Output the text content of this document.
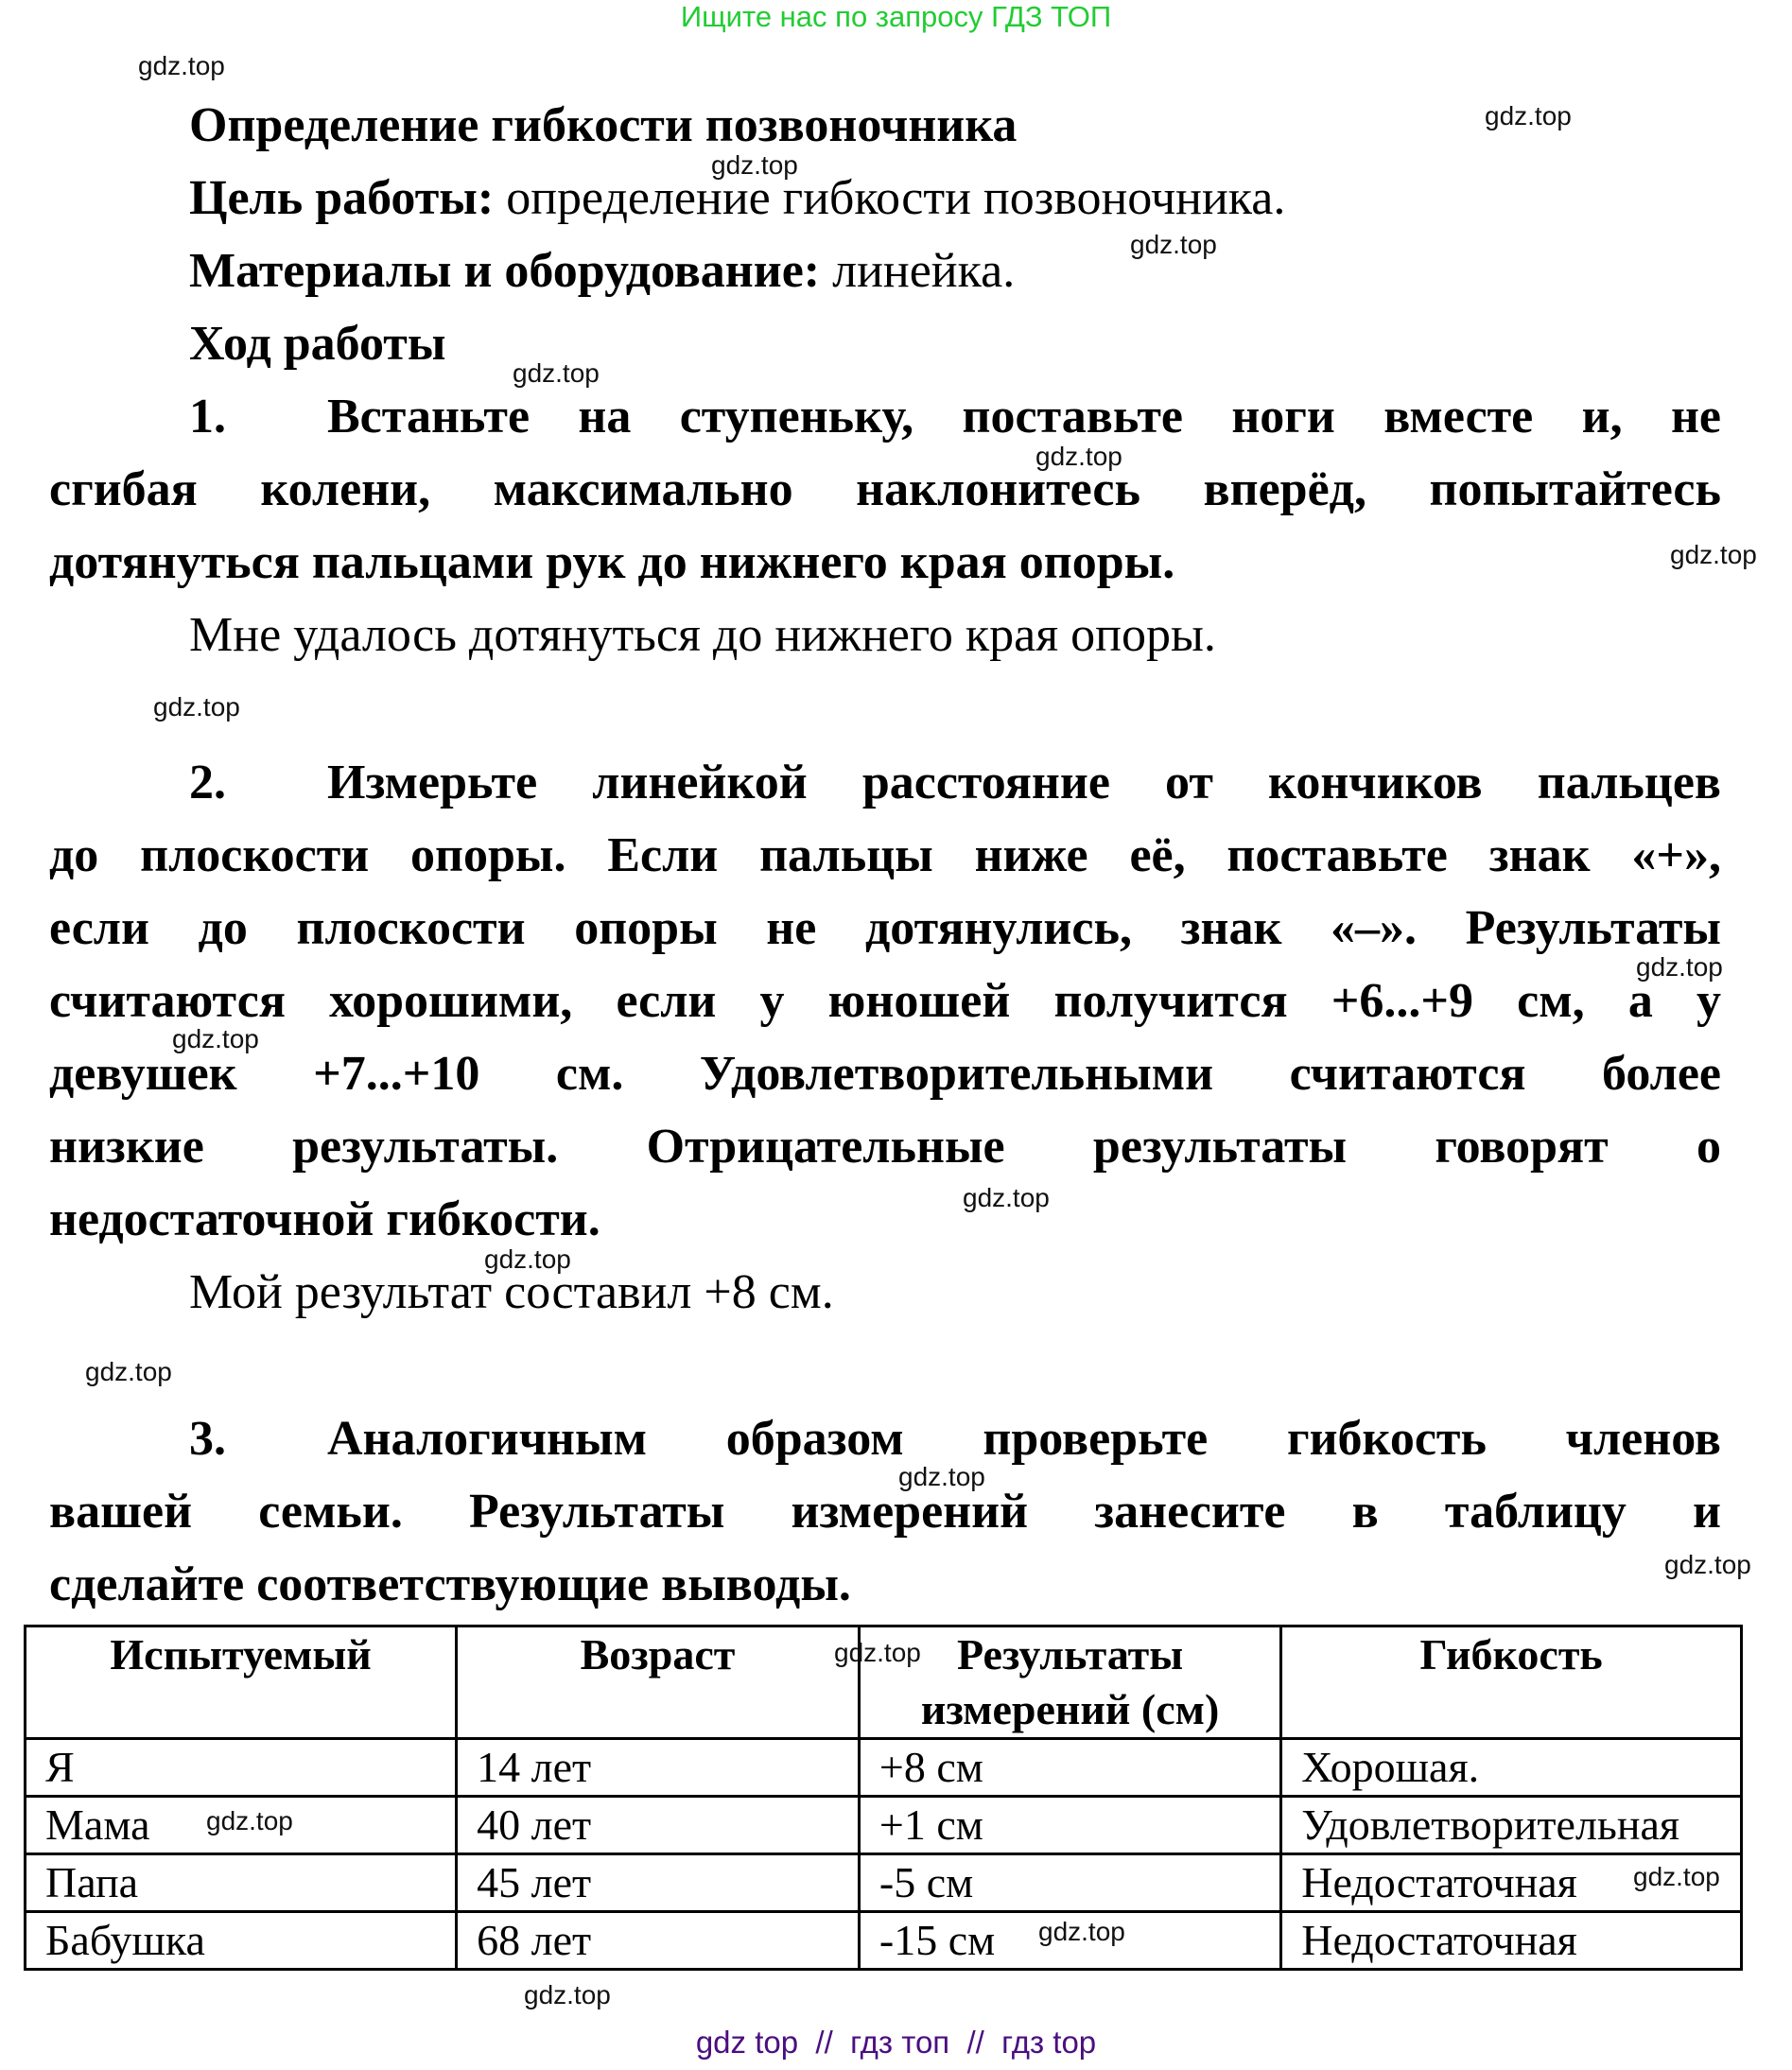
Ищите нас по запросу ГДЗ ТОП
gdz.top
gdz.top
gdz.top
gdz.top
gdz.top
gdz.top
gdz.top
gdz.top
gdz.top
gdz.top
gdz.top
gdz.top
gdz.top
gdz.top
gdz.top
gdz.top
Определение гибкости позвоночника
Цель работы: определение гибкости позвоночника.
Материалы и оборудование: линейка.
Ход работы
1. Встаньте на ступеньку, поставьте ноги вместе и, не
сгибая колени, максимально наклонитесь вперёд, попытайтесь
дотянуться пальцами рук до нижнего края опоры.
Мне удалось дотянуться до нижнего края опоры.
2. Измерьте линейкой расстояние от кончиков пальцев
до плоскости опоры. Если пальцы ниже её, поставьте знак «+»,
если до плоскости опоры не дотянулись, знак «–». Результаты
считаются хорошими, если у юношей получится +6...+9 см, а у
девушек +7...+10 см. Удовлетворительными считаются более
низкие результаты. Отрицательные результаты говорят о
недостаточной гибкости.
Мой результат составил +8 см.
3. Аналогичным образом проверьте гибкость членов
вашей семьи. Результаты измерений занесите в таблицу и
сделайте соответствующие выводы.
Испытуемый	Возраст	Результаты измерений (см)	Гибкость
Я	14 лет	+8 см	Хорошая.
Мама	40 лет	+1 см	Удовлетворительная
Папа	45 лет	-5 см	Недостаточная
Бабушка	68 лет	-15 см	Недостаточная
gdz.top
gdz.top
gdz.top
gdz.top
gdz top  //  гдз топ  //  гдз top
